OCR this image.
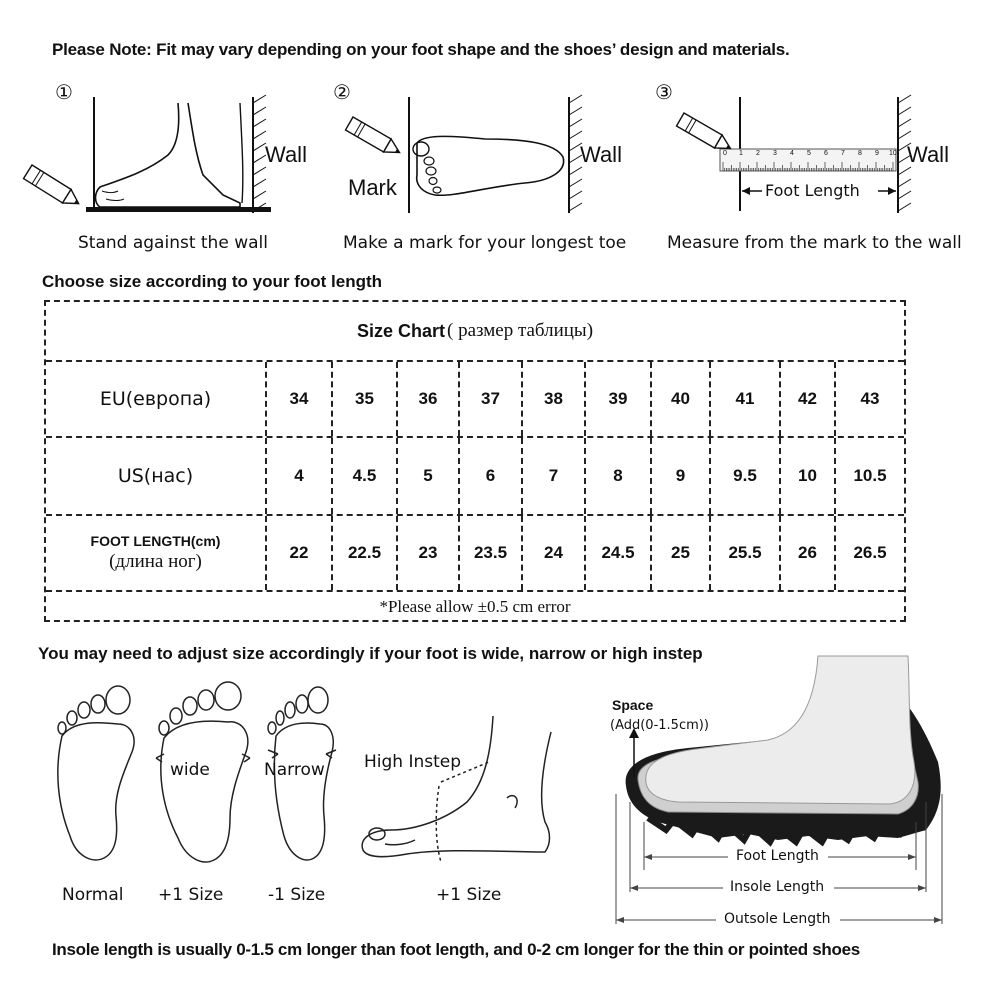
Please Note: Fit may vary depending on your foot shape and the shoes’ design and materials.
①
Wall
Stand against the wall
②
Mark
Wall
Make a mark for your longest toe
③
0 1 2 3 4 5 6 7 8 9 10
Foot Length
Wall
Measure from the mark to the wall
Choose size according to your foot length
Size Chart ( размер таблицы)
EU(европа)	34	35	36	37	38	39	40	41	42	43
US(нас)	4	4.5	5	6	7	8	9	9.5	10	10.5
FOOT LENGTH(cm)
(длина ног)	22	22.5	23	23.5	24	24.5	25	25.5	26	26.5
*Please allow ±0.5 cm error
You may need to adjust size accordingly if your foot is wide, narrow or high instep
wide	Narrow
Normal +1 Size	-1 Size
High Instep
+1 Size
Space
(Add(0-1.5cm))
Foot Length
Insole Length
Outsole Length
Insole length is usually 0-1.5 cm longer than foot length, and 0-2 cm longer for the thin or pointed shoes
